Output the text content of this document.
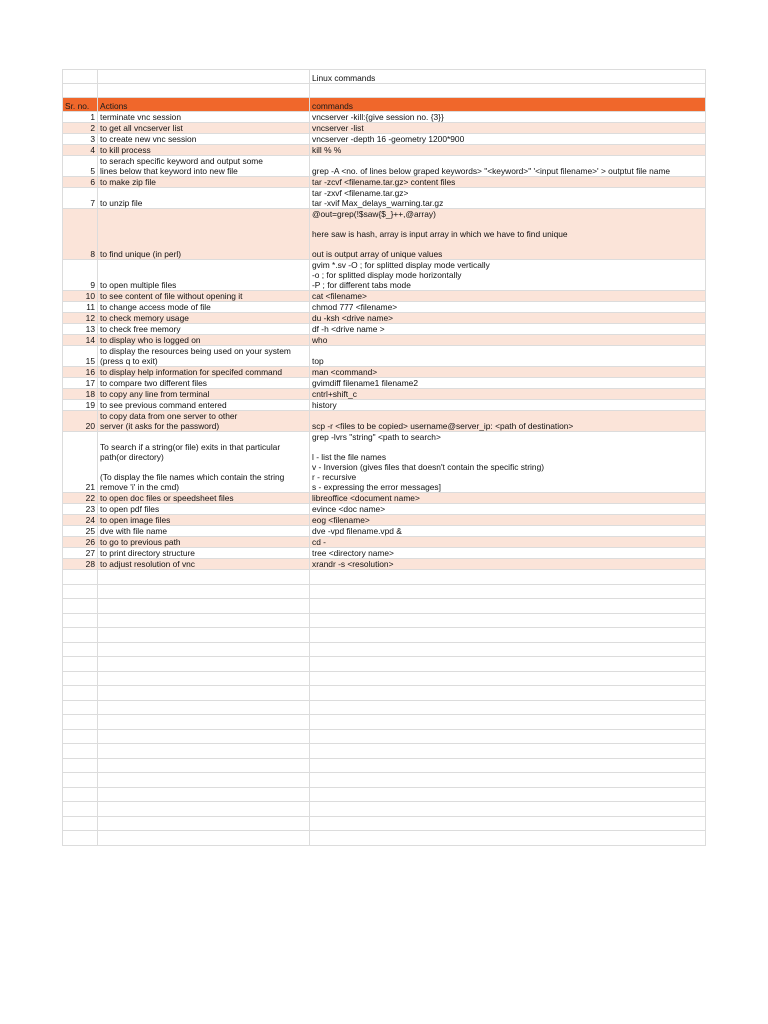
		Linux commands

Sr. no.	Actions	commands
1	terminate vnc session	vncserver -kill:{give session no. {3}}
2	to get all vncserver list	vncserver -list
3	to create new vnc session	vncserver -depth 16 -geometry 1200*900
4	to kill process	kill % %
5	to serach specific keyword and output some
lines below that keyword into new file	grep -A <no. of lines below graped keywords> "<keyword>" '<input filename>' > outptut file name
6	to make zip file	tar -zcvf <filename.tar.gz> content files
7	to unzip file	tar -zxvf <filename.tar.gz>
tar -xvif Max_delays_warning.tar.gz
8	to find unique (in perl)	@out=grep(!$saw{$_}++,@array)

here saw is hash, array is input array in which we have to find unique

out is output array of unique values
9	to open multiple files	gvim *.sv -O ; for splitted display mode vertically
-o ; for splitted display mode horizontally
-P ; for different tabs mode
10	to see content of file without opening it	cat <filename>
11	to change access mode of file	chmod 777 <filename>
12	to check memory usage	du -ksh <drive name>
13	to check free memory	df -h <drive name >
14	to display who is logged on	who
15	to display the resources being used on your system
(press q to exit)	top
16	to display help information for specifed command	man <command>
17	to compare two different files	gvimdiff filename1 filename2
18	to copy any line from terminal	cntrl+shift_c
19	to see previous command entered	history
20	to copy data from one server to other
server (it asks for the password)	scp -r <files to be copied> username@server_ip: <path of destination>
21	To search if a string(or file) exits in that particular
path(or directory)

(To display the file names which contain the string
remove 'i' in the cmd)	grep -lvrs "string" <path to search>

l - list the file names
v - Inversion (gives files that doesn't contain the specific string)
r - recursive
s - expressing the error messages]
22	to open doc files or speedsheet files	libreoffice <document name>
23	to open pdf files	evince <doc name>
24	to open image files	eog <filename>
25	dve with file name	dve -vpd filename.vpd &
26	to go to previous path	cd -
27	to print directory structure	tree <directory name>
28	to adjust resolution of vnc	xrandr -s <resolution>
